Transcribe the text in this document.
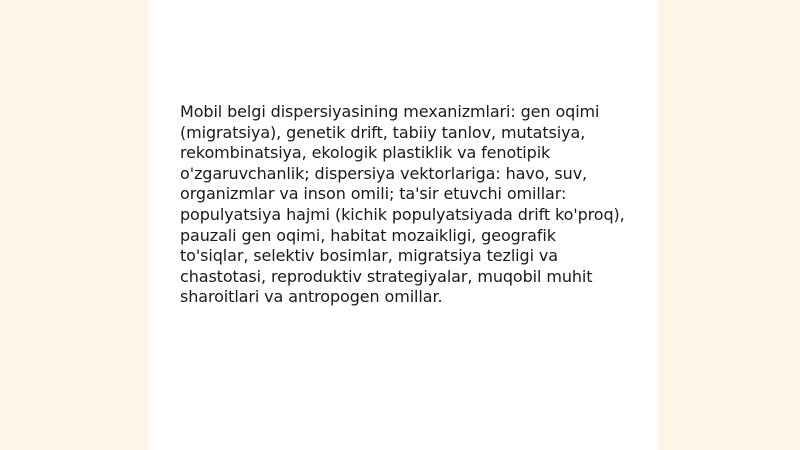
Mobil belgi dispersiyasining mexanizmlari: gen oqimi (migratsiya), genetik drift, tabiiy tanlov, mutatsiya, rekombinatsiya, ekologik plastiklik va fenotipik o'zgaruvchanlik; dispersiya vektorlariga: havo, suv, organizmlar va inson omili; ta'sir etuvchi omillar: populyatsiya hajmi (kichik populyatsiyada drift ko'proq), pauzali gen oqimi, habitat mozaikligi, geografik to'siqlar, selektiv bosimlar, migratsiya tezligi va chastotasi, reproduktiv strategiyalar, muqobil muhit sharoitlari va antropogen omillar.
